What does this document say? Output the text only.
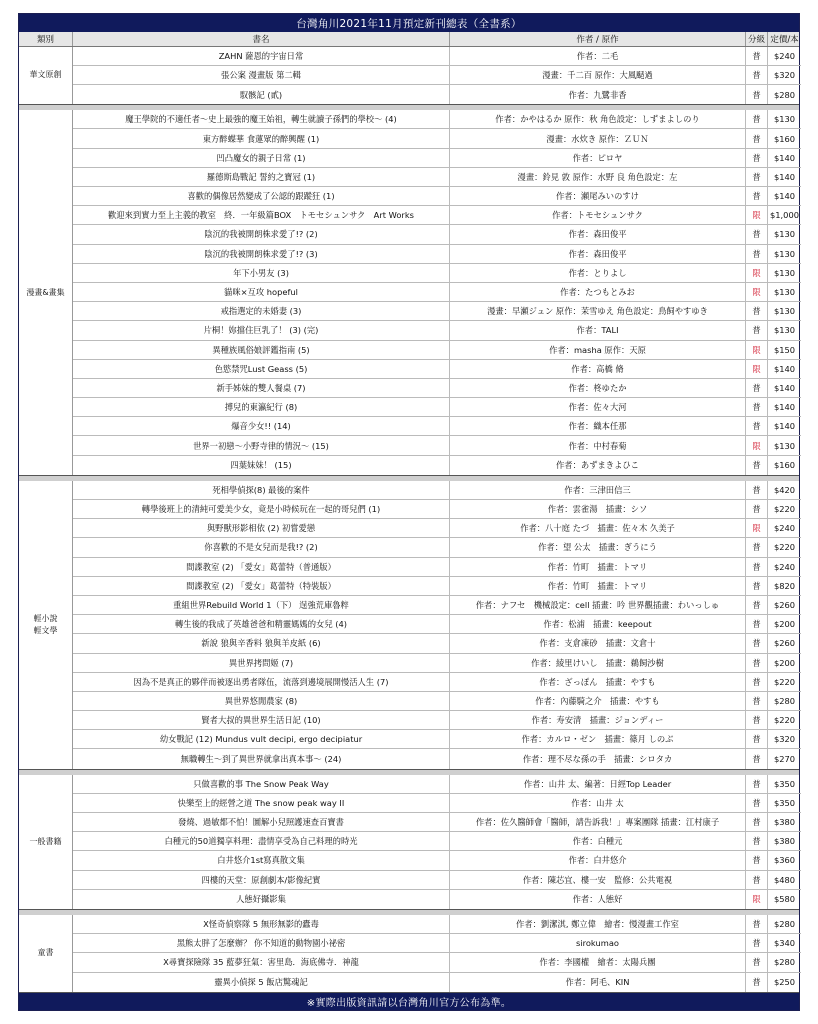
台灣角川2021年11月預定新刊總表（全書系）
類別	書名	作者 / 原作	分級 定價/本
華文原創
ZAHN 薩恩的宇宙日常	作者：二毛	普	$240
張公案 漫畫版 第二輯	漫畫：千二百 原作：大風颳過	普	$320
馭骸記 (貳)	作者：九鷺非香	普	$280
漫畫&畫集
魔王學院的不適任者～史上最強的魔王始祖，轉生就讀子孫們的學校～ (4)	作者：かやはるか 原作：秋 角色設定：しずまよしのり	普	$130
東方醉蝶華 食蓮眾的醉興醒 (1)	漫畫：水炊き 原作：ＺＵＮ	普	$160
凹凸魔女的親子日常 (1)	作者：ピロヤ	普	$140
羅德斯島戰記 誓約之寶冠 (1)	漫畫：鈴見 敦 原作：水野 良 角色設定：左	普	$140
喜歡的偶像居然變成了公認的跟蹤狂 (1)	作者：瀬尾みいのすけ	普	$140
歡迎來到實力至上主義的教室　終．一年級篇BOX　トモセシュンサク　Art Works	作者：トモセシュンサク	限	$1,000
陰沉的我被開朗株求愛了!? (2)	作者：森田俊平	普	$130
陰沉的我被開朗株求愛了!? (3)	作者：森田俊平	普	$130
年下小男友 (3)	作者：とりよし	限	$130
貓咪×互攻 hopeful	作者：たつもとみお	限	$130
戒指選定的未婚妻 (3)	漫畫：早瀬ジュン 原作：茉雪ゆえ 角色設定：鳥飼やすゆき	普	$130
片桐！妳擋住巨乳了！ (3) (完)	作者：TALI	普	$130
異種族風俗娘評鑑指南 (5)	作者：masha 原作：天原	限	$150
色慾禁咒Lust Geass (5)	作者：高橋 脩	限	$140
新手姊妹的雙人餐桌 (7)	作者：柊ゆたか	普	$140
搏兒的東瀛紀行 (8)	作者：佐々大河	普	$140
爆音少女!! (14)	作者：織本任那	普	$140
世界一初戀～小野寺律的情況～ (15)	作者：中村春菊	限	$130
四葉妹妹！ (15)	作者：あずまきよひこ	普	$160
輕小說
輕文學
死相學偵探(8) 最後的案件	作者：三津田信三	普	$420
轉學後班上的清純可愛美少女，竟是小時候玩在一起的哥兒們 (1)	作者：雲雀湯　插畫：シソ	普	$220
與野獸形影相依 (2) 初嘗愛戀	作者：八十庭 たづ　插畫：佐々木 久美子	限	$240
你喜歡的不是女兒而是我!? (2)	作者：望 公太　插畫：ぎうにう	普	$220
間諜教室 (2) 「愛女」葛蕾特（普通版）	作者：竹町　插畫：トマリ	普	$240
間諜教室 (2) 「愛女」葛蕾特（特裝版）	作者：竹町　插畫：トマリ	普	$820
重組世界Rebuild World 1（下） 逞強荒庫魯粹	作者：ナフセ　機械設定：cell 插畫：吟 世界觀插畫：わいっしゅ	普	$260
轉生後的我成了英雄爸爸和精靈媽媽的女兒 (4)	作者：松浦　插畫：keepout	普	$200
新說 狼與辛香料 狼與羊皮紙 (6)	作者：支倉凍砂　插畫：文倉十	普	$260
異世界拷問姬 (7)	作者：綾里けいし　插畫：鵜飼沙樹	普	$200
因為不是真正的夥伴而被逐出勇者隊伍，流落到邊境展開慢活人生 (7)	作者：ざっぽん　插畫：やすも	普	$220
異世界悠閒農家 (8)	作者：內藤騎之介　插畫：やすも	普	$280
賢者大叔的異世界生活日記 (10)	作者：寿安清　插畫：ジョンディー	普	$220
幼女戰記 (12) Mundus vult decipi, ergo decipiatur	作者：カルロ・ゼン　插畫：篠月 しのぶ	普	$320
無職轉生～到了異世界就拿出真本事～ (24)	作者：理不尽な孫の手　插畫：シロタカ	普	$270
一般書籍
只做喜歡的事 The Snow Peak Way	作者：山井 太、編著：日經Top Leader	普	$350
快樂至上的經營之道 The snow peak way II	作者：山井 太	普	$350
發燒、過敏都不怕！圖解小兒照護速查百寶書	作者：佐久醫師會「醫師，請告訴我！」專案團隊 插畫：江村康子	普	$380
白種元的50道獨享料理：盡情享受為自己料理的時光	作者：白種元	普	$380
白井悠介1st寫真散文集	作者：白井悠介	普	$360
四樓的天堂：原創劇本/影像紀實	作者：陳芯宜、樓一安　監修：公共電視	普	$480
人態好攝影集	作者：人態好	限	$580
童書
X怪奇偵察隊 5 無形無影的蠹毒	作者：劉潔淇, 鄭立偉　繪者：慢漫畫工作室	普	$280
黑熊太胖了怎麼辦？ 你不知道的動物園小祕密	sirokumao	普	$340
X尋寶探險隊 35 藍夢狂氣：害里島．海底佛寺．神龍	作者：李國權　繪者：太陽兵團	普	$280
靈異小偵探 5 飯店驚魂記	作者：阿毛、KIN	普	$250
※實際出版資訊請以台灣角川官方公布為準。
